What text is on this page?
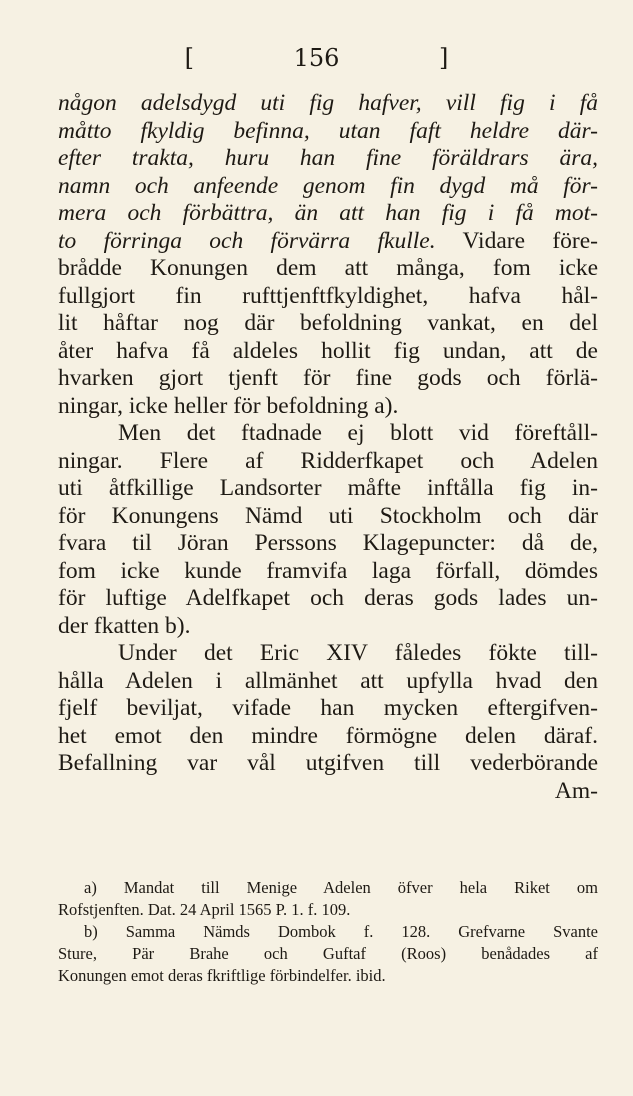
[	156	]
någon adelsdygd uti fig hafver, vill fig i få
måtto fkyldig befinna, utan faft heldre där-
efter trakta, huru han fine föräldrars ära,
namn och anfeende genom fin dygd må för-
mera och förbättra, än att han fig i få mot-
to förringa och förvärra fkulle. Vidare före-
brådde Konungen dem att många, fom icke
fullgjort fin rufttjenftfkyldighet, hafva hål-
lit håftar nog där befoldning vankat, en del
åter hafva få aldeles hollit fig undan, att de
hvarken gjort tjenft för fine gods och förlä-
ningar, icke heller för befoldning a).
Men det ftadnade ej blott vid föreftåll-
ningar. Flere af Ridderfkapet och Adelen
uti åtfkillige Landsorter måfte inftålla fig in-
för Konungens Nämd uti Stockholm och där
fvara til Jöran Perssons Klagepuncter: då de,
fom icke kunde framvifa laga förfall, dömdes
för luftige Adelfkapet och deras gods lades un-
der fkatten b).
Under det Eric XIV fåledes fökte till-
hålla Adelen i allmänhet att upfylla hvad den
fjelf beviljat, vifade han mycken eftergifven-
het emot den mindre förmögne delen däraf.
Befallning var vål utgifven till vederbörande
Am-
a) Mandat till Menige Adelen öfver hela Riket om
Rofstjenften. Dat. 24 April 1565 P. 1. f. 109.
b) Samma Nämds Dombok f. 128. Grefvarne Svante
Sture, Pär Brahe och Guftaf (Roos) benådades af
Konungen emot deras fkriftlige förbindelfer. ibid.
